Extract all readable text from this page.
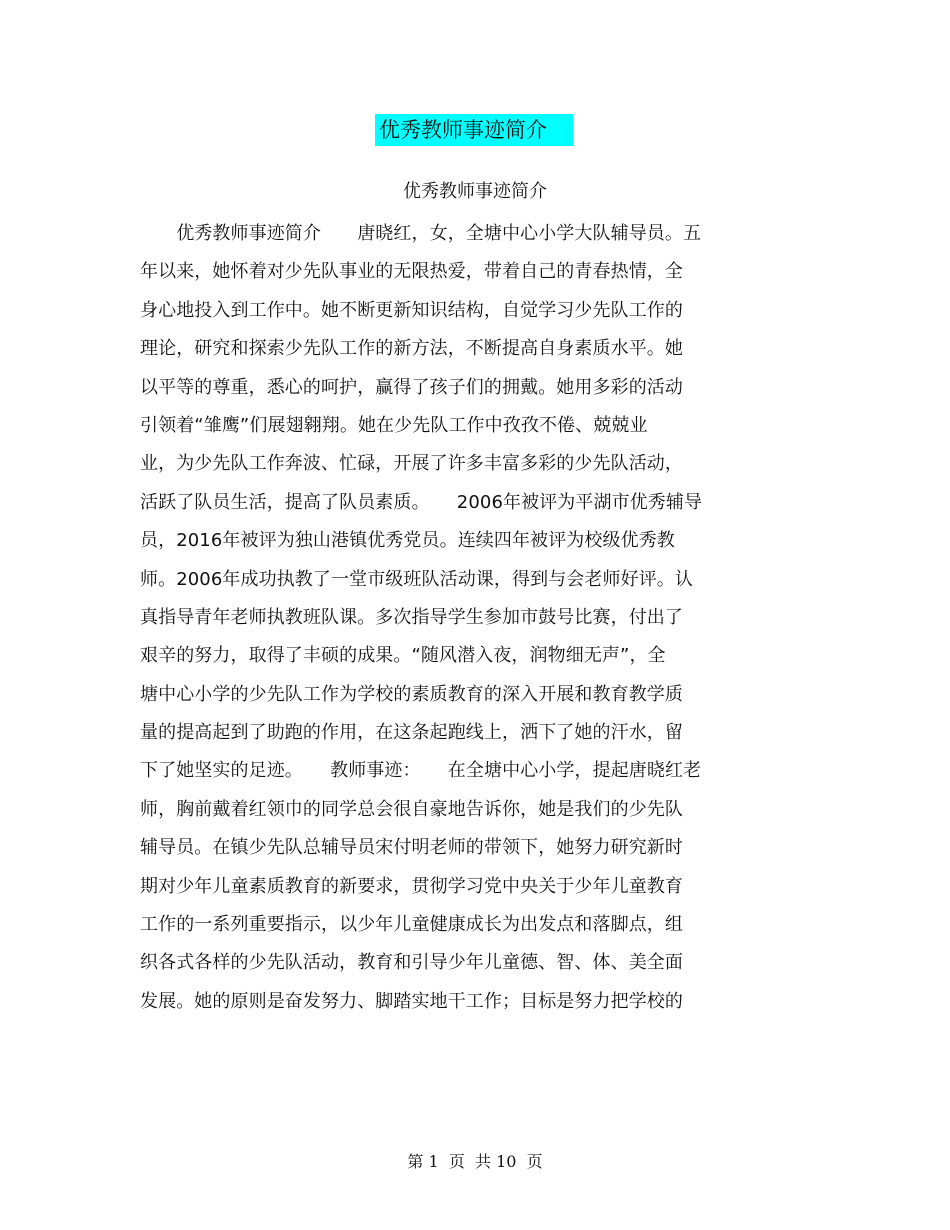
优秀教师事迹简介
优秀教师事迹简介
　　优秀教师事迹简介　　唐晓红，女，全塘中心小学大队辅导员。五
年以来，她怀着对少先队事业的无限热爱，带着自己的青春热情，全
身心地投入到工作中。她不断更新知识结构，自觉学习少先队工作的
理论，研究和探索少先队工作的新方法，不断提高自身素质水平。她
以平等的尊重，悉心的呵护，赢得了孩子们的拥戴。她用多彩的活动
引领着“雏鹰”们展翅翱翔。她在少先队工作中孜孜不倦、兢兢业
业，为少先队工作奔波、忙碌，开展了许多丰富多彩的少先队活动，
活跃了队员生活，提高了队员素质。　　2006年被评为平湖市优秀辅导
员，2016年被评为独山港镇优秀党员。连续四年被评为校级优秀教
师。2006年成功执教了一堂市级班队活动课，得到与会老师好评。认
真指导青年老师执教班队课。多次指导学生参加市鼓号比赛，付出了
艰辛的努力，取得了丰硕的成果。“随风潜入夜，润物细无声”，全
塘中心小学的少先队工作为学校的素质教育的深入开展和教育教学质
量的提高起到了助跑的作用，在这条起跑线上，洒下了她的汗水，留
下了她坚实的足迹。　　教师事迹：　　在全塘中心小学，提起唐晓红老
师，胸前戴着红领巾的同学总会很自豪地告诉你，她是我们的少先队
辅导员。在镇少先队总辅导员宋付明老师的带领下，她努力研究新时
期对少年儿童素质教育的新要求，贯彻学习党中央关于少年儿童教育
工作的一系列重要指示，以少年儿童健康成长为出发点和落脚点，组
织各式各样的少先队活动，教育和引导少年儿童德、智、体、美全面
发展。她的原则是奋发努力、脚踏实地干工作；目标是努力把学校的
第 1  页  共 10  页
